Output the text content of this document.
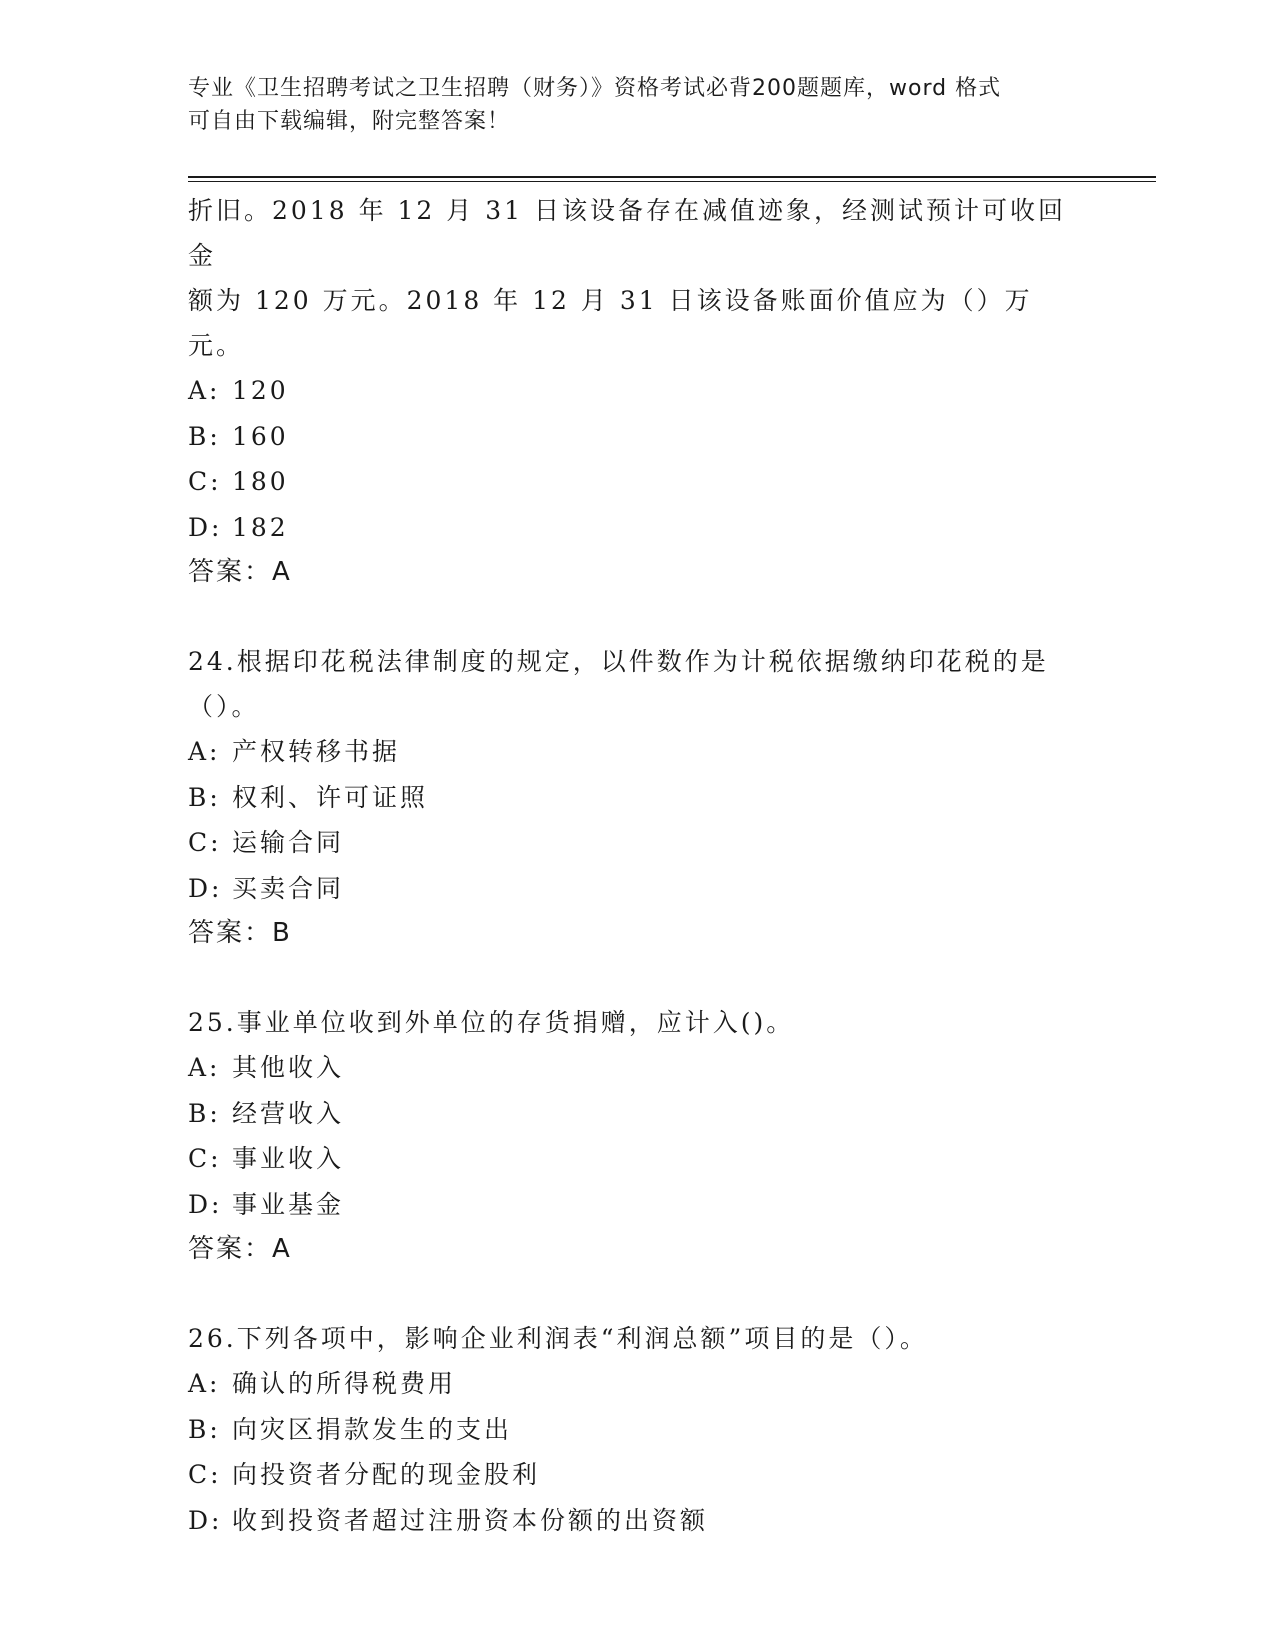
专业《卫生招聘考试之卫生招聘（财务）》资格考试必背200题题库，word 格式
可自由下载编辑，附完整答案！
折旧。2018 年 12 月 31 日该设备存在减值迹象，经测试预计可收回金
额为 120 万元。2018 年 12 月 31 日该设备账面价值应为（）万元。
A: 120
B: 160
C: 180
D: 182
答案：A
24.根据印花税法律制度的规定，以件数作为计税依据缴纳印花税的是
（）。
A: 产权转移书据
B: 权利、许可证照
C: 运输合同
D: 买卖合同
答案：B
25.事业单位收到外单位的存货捐赠，应计入()。
A: 其他收入
B: 经营收入
C: 事业收入
D: 事业基金
答案：A
26.下列各项中，影响企业利润表“利润总额”项目的是（）。
A: 确认的所得税费用
B: 向灾区捐款发生的支出
C: 向投资者分配的现金股利
D: 收到投资者超过注册资本份额的出资额
